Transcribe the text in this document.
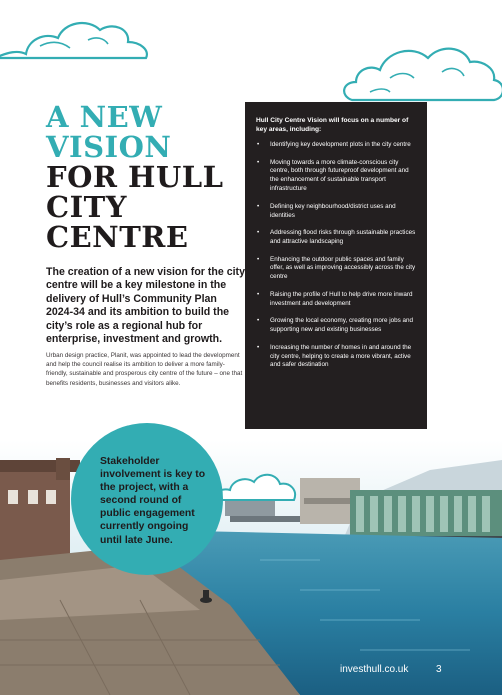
A NEW
VISION
FOR HULL
CITY
CENTRE
The creation of a new vision for the city centre will be a key milestone in the delivery of Hull’s Community Plan 2024-34 and its ambition to build the city’s role as a regional hub for enterprise, investment and growth.
Urban design practice, Planit, was appointed to lead the development and help the council realise its ambition to deliver a more family-friendly, sustainable and prosperous city centre of the future – one that benefits residents, businesses and visitors alike.

Hull City Centre Vision will focus on a number of key areas, including:

• Identifying key development plots in the city centre
• Moving towards a more climate-conscious city centre, both through futureproof development and the enhancement of sustainable transport infrastructure
• Defining key neighbourhood/district uses and identities
• Addressing flood risks through sustainable practices and attractive landscaping
• Enhancing the outdoor public spaces and family offer, as well as improving accessibly across the city centre
• Raising the profile of Hull to help drive more inward investment and development
• Growing the local economy, creating more jobs and supporting new and existing businesses
• Increasing the number of homes in and around the city centre, helping to create a more vibrant, active and safer destination
Stakeholder involvement is key to the project, with a second round of public engagement currently ongoing until late June.
investhull.co.uk	3
